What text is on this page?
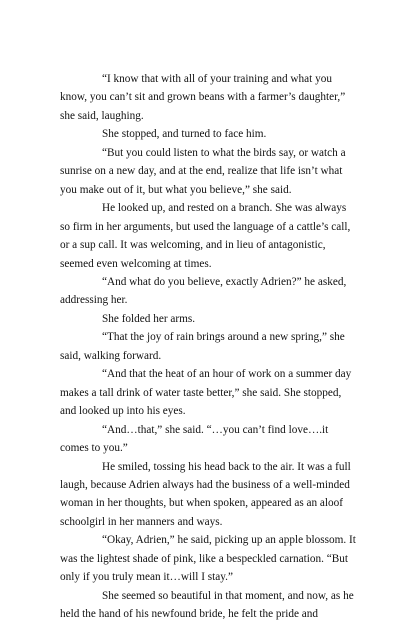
“I know that with all of your training and what you know, you can’t sit and grown beans with a farmer’s daughter,” she said, laughing.

She stopped, and turned to face him.

“But you could listen to what the birds say, or watch a sunrise on a new day, and at the end, realize that life isn’t what you make out of it, but what you believe,” she said.

He looked up, and rested on a branch. She was always so firm in her arguments, but used the language of a cattle’s call, or a sup call. It was welcoming, and in lieu of antagonistic, seemed even welcoming at times.

“And what do you believe, exactly Adrien?” he asked, addressing her.

She folded her arms.

“That the joy of rain brings around a new spring,” she said, walking forward.

“And that the heat of an hour of work on a summer day makes a tall drink of water taste better,” she said. She stopped, and looked up into his eyes.

“And…that,” she said. “…you can’t find love….it comes to you.”

He smiled, tossing his head back to the air. It was a full laugh, because Adrien always had the business of a well-minded woman in her thoughts, but when spoken, appeared as an aloof schoolgirl in her manners and ways.

“Okay, Adrien,” he said, picking up an apple blossom. It was the lightest shade of pink, like a bespeckled carnation. “But only if you truly mean it…will I stay.”

She seemed so beautiful in that moment, and now, as he held the hand of his newfound bride, he felt the pride and
